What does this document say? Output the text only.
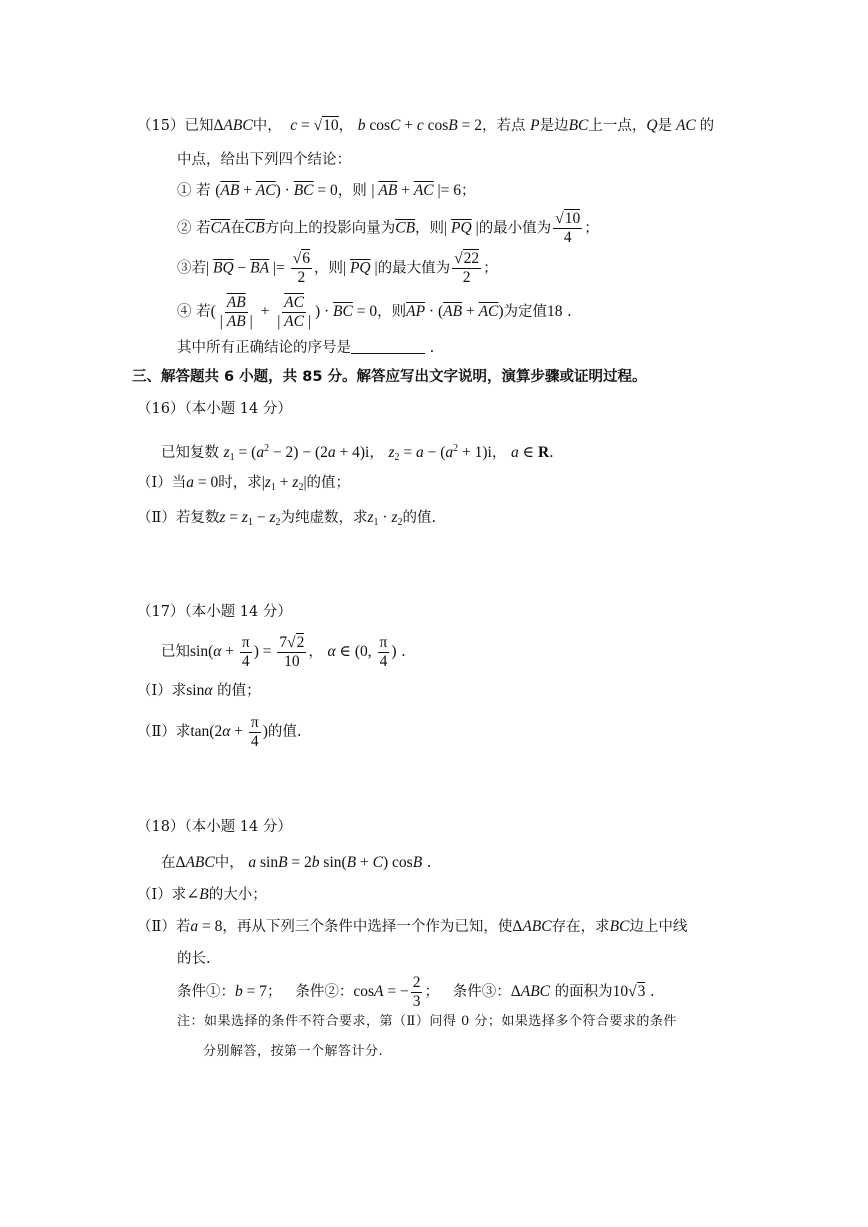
（15）已知ΔABC中， c = √10， b cosC + c cosB = 2，若点 P是边BC上一点，Q是 AC 的
中点，给出下列四个结论：
① 若 $(\overline{AB} + \overline{AC}) \cdot \overline{BC} = 0$，则 | $\overline{AB} + \overline{AC}$ |= 6；
② 若$\overline{CA}$在$\overline{CB}$方向上的投影向量为$\overline{CB}$，则| $\overline{PQ}$ |的最小值为 $\frac{√10}{4}$ ；
③若| $\overline{BQ} - \overline{BA}$ |= $\frac{√6}{2}$ ，则| $\overline{PQ}$ |的最大值为 $\frac{√22}{2}$ ；
④ 若( $\frac{\overline{AB}}{| \overline{AB} |} + \frac{\overline{AC}}{| \overline{AC} |}$ ) · $\overline{BC} = 0$，则$\overline{AP} \cdot (\overline{AB} + \overline{AC})$为定值18 .
其中所有正确结论的序号是	.
三、解答题共 6 小题，共 85 分。解答应写出文字说明，演算步骤或证明过程。
（16）（本小题 14 分）
已知复数 $z_1 = (a^2 - 2) - (2a + 4)i$， $z_2 = a - (a^2 + 1)i$， a ∈ R.
（Ⅰ）当a = 0时，求$|z_1 + z_2|$的值；
（Ⅱ）若复数$z = z_1 - z_2$为纯虚数，求$z_1 \cdot z_2$的值.
（17）（本小题 14 分）
已知$\sin(\alpha + \frac{\pi}{4}$ ) = $\frac{7√2}{10}$ ， α ∈ (0, $\frac{\pi}{4}$ ) .
（Ⅰ）求sinα 的值；
（Ⅱ）求$\tan(2\alpha + \frac{\pi}{4}$ )的值.
（18）（本小题 14 分）
在ΔABC中， a sinB = 2b sin(B + C) cosB .
（Ⅰ）求∠B的大小；
（Ⅱ）若a = 8，再从下列三个条件中选择一个作为已知，使ΔABC存在，求BC边上中线
的长.
条件①：b = 7；   条件②：cosA = − $\frac{2}{3}$ ；   条件③：ΔABC 的面积为10√3 .
注：如果选择的条件不符合要求，第（Ⅱ）问得 0 分；如果选择多个符合要求的条件
分别解答，按第一个解答计分.
